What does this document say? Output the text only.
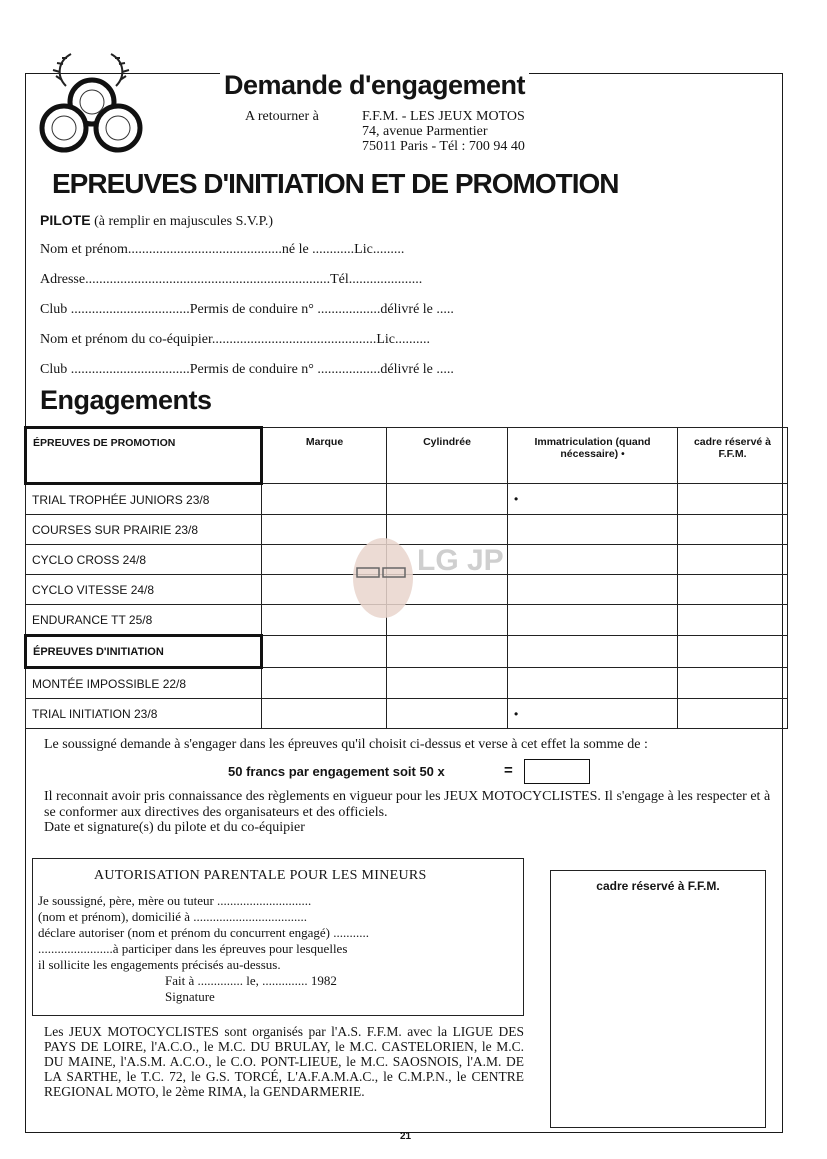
Demande d'engagement
A retourner à	F.F.M. - LES JEUX MOTOS
74, avenue Parmentier
75011 Paris - Tél : 700 94 40
EPREUVES D'INITIATION ET DE PROMOTION
PILOTE (à remplir en majuscules S.V.P.)
Nom et prénom............................................né le ............Lic.........
Adresse......................................................................Tél.....................
Club ..................................Permis de conduire n° ..................délivré le .....
Nom et prénom du co-équipier...............................................Lic..........
Club ..................................Permis de conduire n° ..................délivré le .....
Engagements
ÉPREUVES DE PROMOTION	Marque	Cylindrée	Immatriculation (quand nécessaire) •	cadre réservé à F.F.M.
TRIAL TROPHÉE JUNIORS 23/8			•	
COURSES SUR PRAIRIE 23/8				
CYCLO CROSS 24/8				
CYCLO VITESSE 24/8				
ENDURANCE TT 25/8				
ÉPREUVES D'INITIATION				
MONTÉE IMPOSSIBLE 22/8				
TRIAL INITIATION 23/8			•	
LG JP
Le soussigné demande à s'engager dans les épreuves qu'il choisit ci-dessus et verse à cet effet la somme de :
50 francs par engagement soit 50 x	=
Il reconnait avoir pris connaissance des règlements en vigueur pour les JEUX MOTOCYCLISTES. Il s'engage à les respecter et à se conformer aux directives des organisateurs et des officiels.
Date et signature(s) du pilote et du co-équipier
AUTORISATION PARENTALE POUR LES MINEURS
Je soussigné, père, mère ou tuteur .............................
(nom et prénom), domicilié à ...................................
déclare autoriser (nom et prénom du concurrent engagé) ...........
.......................à participer dans les épreuves pour lesquelles
il sollicite les engagements précisés au-dessus.
Fait à .............. le, .............. 1982
Signature
Les JEUX MOTOCYCLISTES sont organisés par l'A.S. F.F.M. avec la LIGUE DES PAYS DE LOIRE, l'A.C.O., le M.C. DU BRULAY, le M.C. CASTELORIEN, le M.C. DU MAINE, l'A.S.M. A.C.O., le C.O. PONT-LIEUE, le M.C. SAOSNOIS, l'A.M. DE LA SARTHE, le T.C. 72, le G.S. TORCÉ, L'A.F.A.M.A.C., le C.M.P.N., le CENTRE REGIONAL MOTO, le 2ème RIMA, la GENDARMERIE.
cadre réservé à F.F.M.
21
